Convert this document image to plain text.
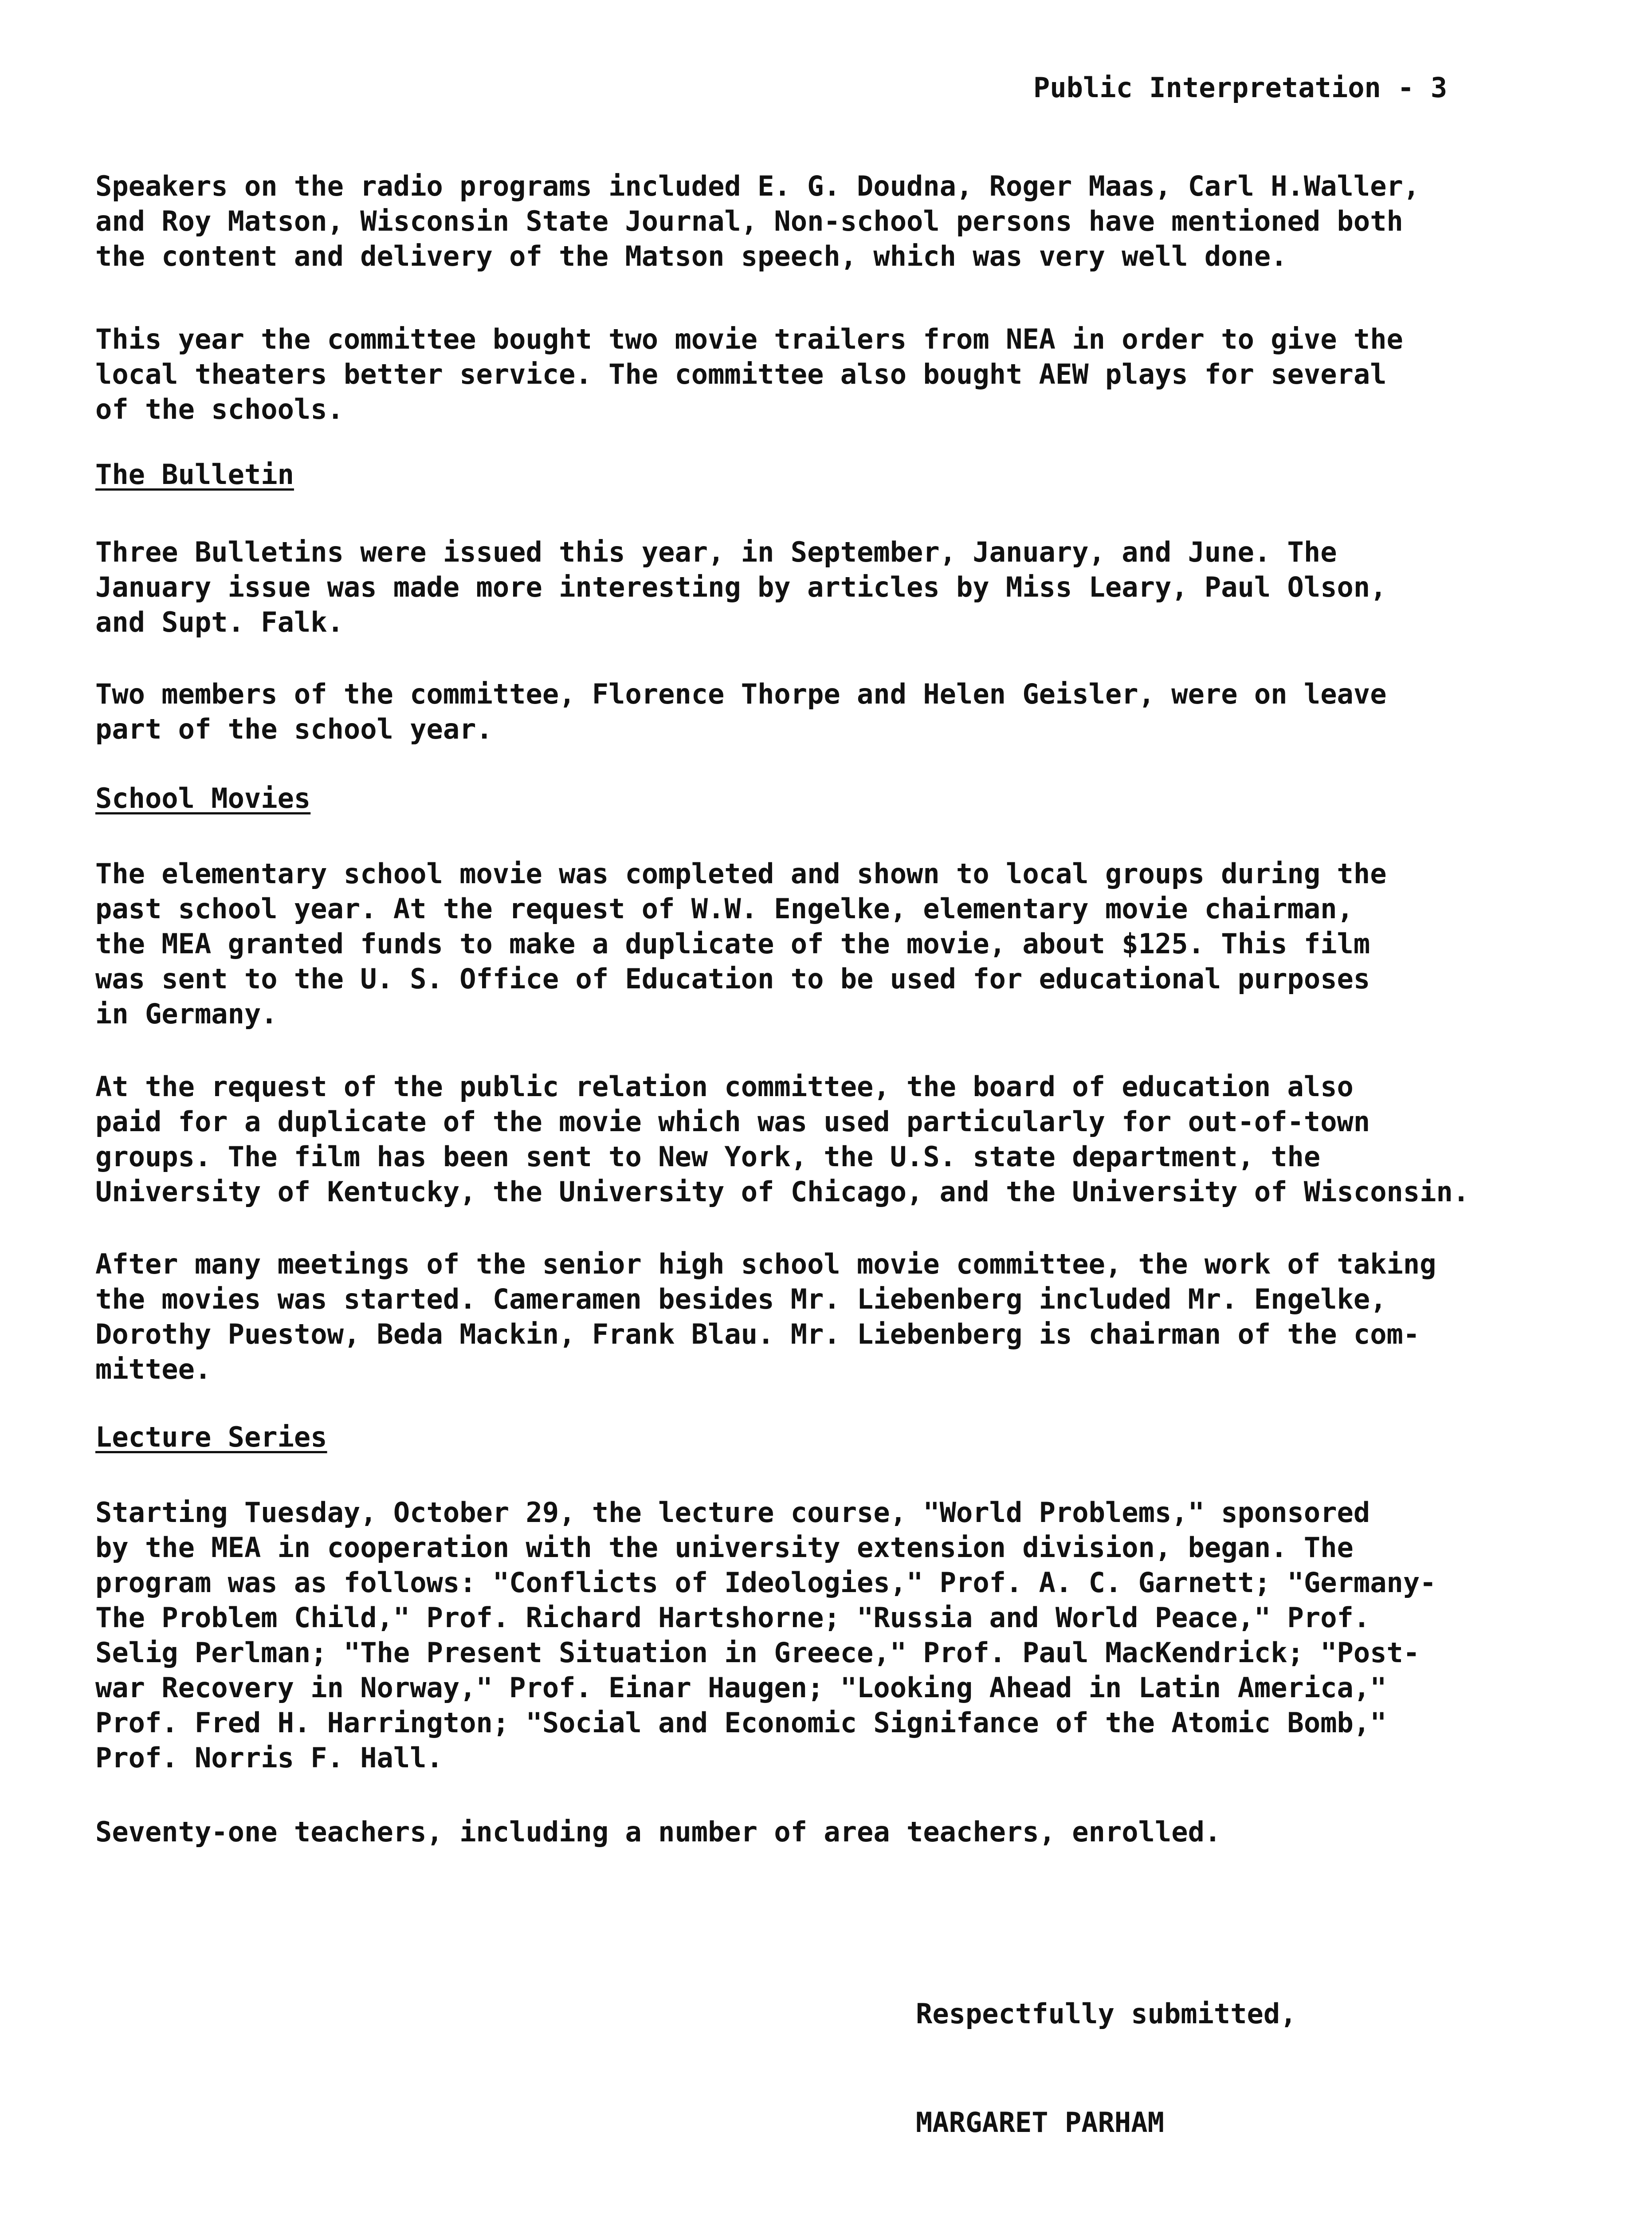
Public Interpretation - 3
Speakers on the radio programs included E. G. Doudna, Roger Maas, Carl H.Waller,
and Roy Matson, Wisconsin State Journal, Non-school persons have mentioned both
the content and delivery of the Matson speech, which was very well done.
This year the committee bought two movie trailers from NEA in order to give the
local theaters better service. The committee also bought AEW plays for several
of the schools.
The Bulletin
Three Bulletins were issued this year, in September, January, and June. The
January issue was made more interesting by articles by Miss Leary, Paul Olson,
and Supt. Falk.
Two members of the committee, Florence Thorpe and Helen Geisler, were on leave
part of the school year.
School Movies
The elementary school movie was completed and shown to local groups during the
past school year. At the request of W.W. Engelke, elementary movie chairman,
the MEA granted funds to make a duplicate of the movie, about $125. This film
was sent to the U. S. Office of Education to be used for educational purposes
in Germany.
At the request of the public relation committee, the board of education also
paid for a duplicate of the movie which was used particularly for out-of-town
groups. The film has been sent to New York, the U.S. state department, the
University of Kentucky, the University of Chicago, and the University of Wisconsin.
After many meetings of the senior high school movie committee, the work of taking
the movies was started. Cameramen besides Mr. Liebenberg included Mr. Engelke,
Dorothy Puestow, Beda Mackin, Frank Blau. Mr. Liebenberg is chairman of the com-
mittee.
Lecture Series
Starting Tuesday, October 29, the lecture course, "World Problems," sponsored
by the MEA in cooperation with the university extension division, began. The
program was as follows: "Conflicts of Ideologies," Prof. A. C. Garnett; "Germany-
The Problem Child," Prof. Richard Hartshorne; "Russia and World Peace," Prof.
Selig Perlman; "The Present Situation in Greece," Prof. Paul MacKendrick; "Post-
war Recovery in Norway," Prof. Einar Haugen; "Looking Ahead in Latin America,"
Prof. Fred H. Harrington; "Social and Economic Signifance of the Atomic Bomb,"
Prof. Norris F. Hall.
Seventy-one teachers, including a number of area teachers, enrolled.
Respectfully submitted,
MARGARET PARHAM
